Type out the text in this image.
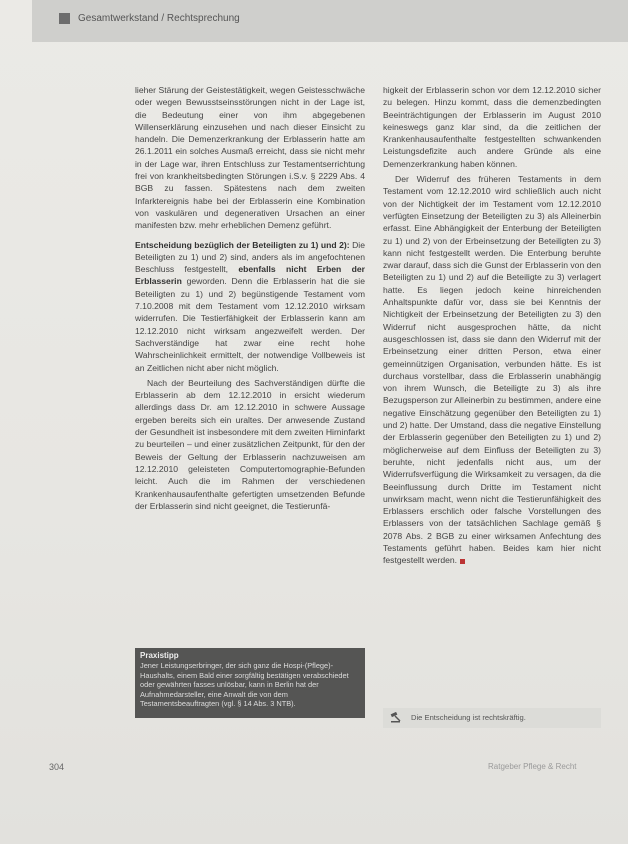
Gesamtwerkstand / Rechtsprechung

lieher Stärung der Geistestätigkeit, wegen Geistesschwäche oder wegen Bewusstseinsstörungen nicht in der Lage ist, die Bedeutung einer von ihm abgegebenen Willenserklärung einzusehen und nach dieser Einsicht zu handeln. Die Demenzerkrankung der Erblasserin hatte am 26.1.2011 ein solches Ausmaß erreicht, dass sie nicht mehr in der Lage war, ihren Entschluss zur Testamentserrichtung frei von krankheitsbedingten Störungen i.S.v. § 2229 Abs. 4 BGB zu fassen. Spätestens nach dem zweiten Infarktereignis habe bei der Erblasserin eine Kombination von vaskulären und degenerativen Ursachen an einer manifesten bzw. mehr erheblichen Demenz geführt.

Entscheidung bezüglich der Beteiligten zu 1) und 2): Die Beteiligten zu 1) und 2) sind, anders als im angefochtenen Beschluss festgestellt, ebenfalls nicht Erben der Erblasserin geworden. Denn die Erblasserin hat die sie Beteiligten zu 1) und 2) begünstigende Testament vom 7.10.2008 mit dem Testament vom 12.12.2010 wirksam widerrufen. Die Testierfähigkeit der Erblasserin kann am 12.12.2010 nicht wirksam angezweifelt werden. Der Sachverständige hat zwar eine recht hohe Wahrscheinlichkeit ermittelt, der notwendige Vollbeweis ist an Zeitlichen nicht aber nicht möglich.

Nach der Beurteilung des Sachverständigen dürfte die Erblasserin ab dem 12.12.2010 in ersicht wiederum allerdings dass Dr. am 12.12.2010 in schwere Aussage ergeben bereits sich ein uraltes. Der anwesende Zustand der Gesundheit ist insbesondere mit dem zweiten Hirninfarkt zu beurteilen – und einer zusätzlichen Zeitpunkt, für den der Beweis der Geltung der Erblasserin nachzuweisen am 12.12.2010 geleisteten Computertomographie-Befunden leicht. Auch die im Rahmen der verschiedenen Krankenhausaufenthalte gefertigten umsetzenden Befunde der Erblasserin sind nicht geeignet, die Testierunfä-

Praxistipp
Jener Leistungserbringer, der sich ganz die Hospi-(Pflege)-Haushalts, einem Bald einer sorgfältig bestätigen verabschiedet oder gewährten fasses unlösbar, kann in Berlin hat der Aufnahmedarsteller, eine Anwalt die von dem Testamentsbeauftragten (vgl. § 14 Abs. 3 NTB).

higkeit der Erblasserin schon vor dem 12.12.2010 sicher zu belegen. Hinzu kommt, dass die demenzbedingten Beeinträchtigungen der Erblasserin im August 2010 keineswegs ganz klar sind, da die zeitlichen der Krankenhausaufenthalte festgestellten schwankenden Leistungsdefizite auch andere Gründe als eine Demenzerkrankung haben können.

Der Widerruf des früheren Testaments in dem Testament vom 12.12.2010 wird schließlich auch nicht von der Nichtigkeit der im Testament vom 12.12.2010 verfügten Einsetzung der Beteiligten zu 3) als Alleinerbin erfasst. Eine Abhängigkeit der Enterbung der Beteiligten zu 1) und 2) von der Erbeinsetzung der Beteiligten zu 3) kann nicht festgestellt werden. Die Enterbung beruhte zwar darauf, dass sich die Gunst der Erblasserin von den Beteiligten zu 1) und 2) auf die Beteiligte zu 3) verlagert hatte. Es liegen jedoch keine hinreichenden Anhaltspunkte dafür vor, dass sie bei Kenntnis der Nichtigkeit der Erbeinsetzung der Beteiligten zu 3) den Widerruf nicht ausgesprochen hätte, da nicht ausgeschlossen ist, dass sie dann den Widerruf mit der Erbeinsetzung einer dritten Person, etwa einer gemeinnützigen Organisation, verbunden hätte. Es ist durchaus vorstellbar, dass die Erblasserin unabhängig von ihrem Wunsch, die Beteiligte zu 3) als ihre Bezugsperson zur Alleinerbin zu bestimmen, andere eine negative Einschätzung gegenüber den Beteiligten zu 1) und 2) hatte. Der Umstand, dass die negative Einstellung der Erblasserin gegenüber den Beteiligten zu 1) und 2) möglicherweise auf dem Einfluss der Beteiligten zu 3) beruhte, nicht jedenfalls nicht aus, um der Widerrufsverfügung die Wirksamkeit zu versagen, da die Beeinflussung durch Dritte im Testament nicht unwirksam macht, wenn nicht die Testierunfähigkeit des Erblassers erschlich oder falsche Vorstellungen des Erblassers von der tatsächlichen Sachlage gemäß § 2078 Abs. 2 BGB zu einer wirksamen Anfechtung des Testaments geführt haben. Beides kam hier nicht festgestellt werden.

Die Entscheidung ist rechtskräftig.
304	Ratgeber Pflege & Recht
